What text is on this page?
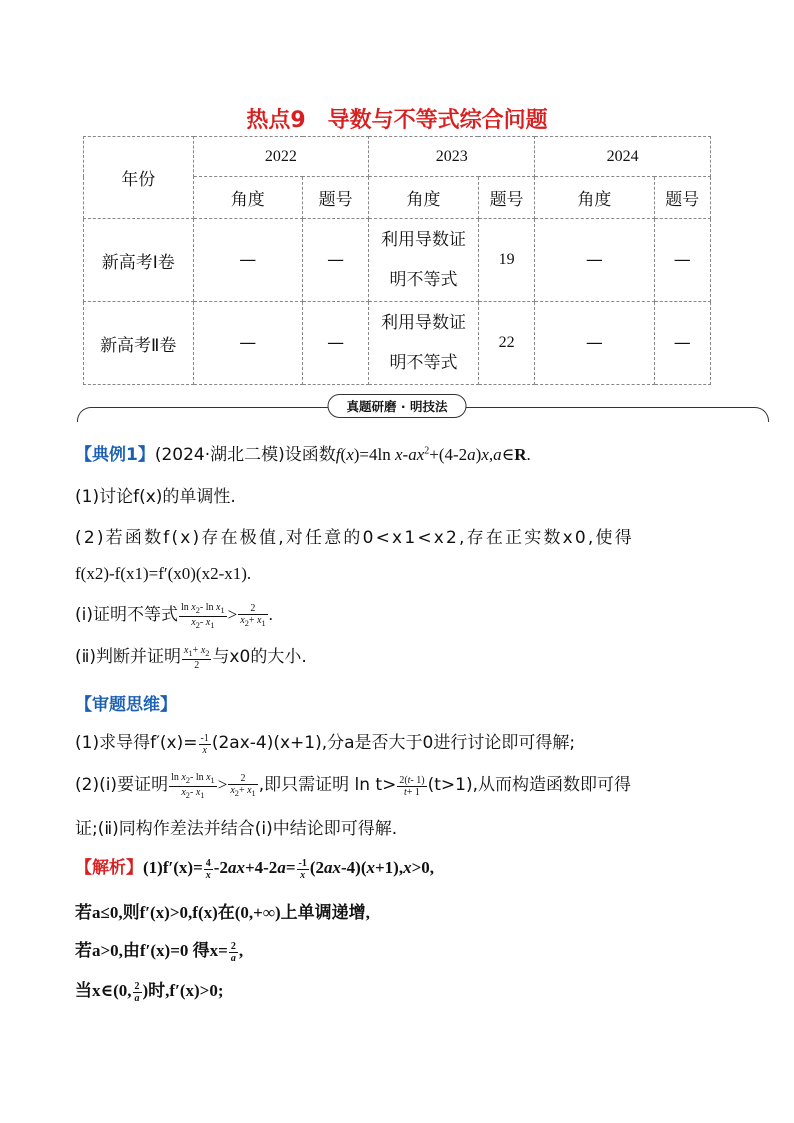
热点9　导数与不等式综合问题
年份	2022		2023		2024	
	角度	题号	角度	题号	角度	题号
新高考Ⅰ卷	—	—	利用导数证明不等式	19	—	—
新高考Ⅱ卷	—	—	利用导数证明不等式	22	—	—
真题研磨 · 明技法
【典例1】(2024·湖北二模)设函数f(x)=4ln $x-ax^2+(4-2a)x,a\in R$.
(1)讨论f(x)的单调性.
(2)若函数f(x)存在极值,对任意的0<x1<x2,存在正实数x0,使得
f(x2)-f(x1)=f′(x0)(x2-x1).
(ⅰ)证明不等式 $\frac{\ln x_2- \ln x_1}{x_2- x_1} > \frac{2}{x_2+ x_1}$ .
(ⅱ)判断并证明 $\frac{x_1+ x_2}{2}$ 与x0的大小.
【审题思维】
(1)求导得$f'(x)= \frac{-1}{x} (2ax-4)(x+1)$,分a是否大于0进行讨论即可得解;
(2)(ⅰ)要证明 $\frac{\ln x_2- \ln x_1}{x_2- x_1} > \frac{2}{x_2+ x_1}$ ,即只需证明 $\ln t> \frac{2(t- 1)}{t+ 1} (t>1)$,从而构造函数即可得
证;(ⅱ)同构作差法并结合(ⅰ)中结论即可得解.
【解析】$(1)f'(x)= \frac{4}{x} -2ax+4-2a= \frac{-1}{x} (2ax-4)(x+1),x>0$,
若a≤0,则f′(x)>0,f(x)在(0,+∞)上单调递增,
若a>0,由f′(x)=0 得$x= \frac{2}{a}$ ,
当x∈(0, $\frac{2}{a}$ )时,f′(x)>0;
